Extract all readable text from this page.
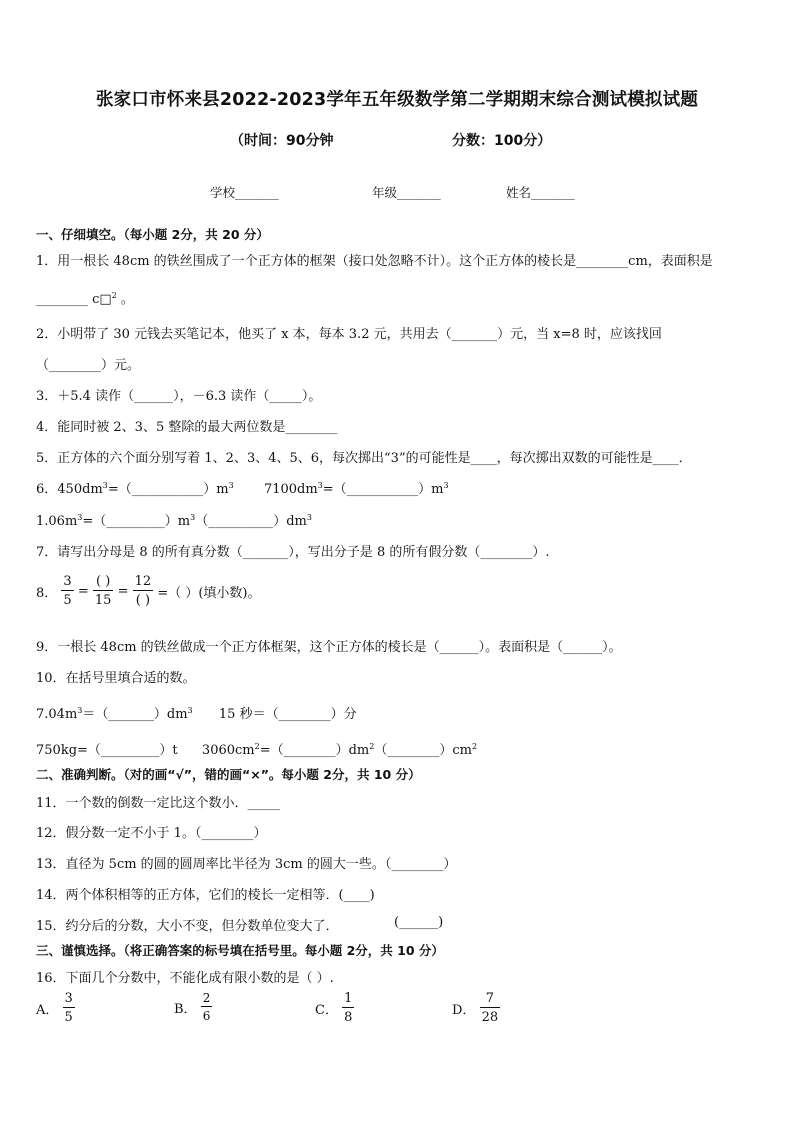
张家口市怀来县2022-2023学年五年级数学第二学期期末综合测试模拟试题
（时间：90分钟	分数：100分）
学校_______	年级_______	姓名_______
一、仔细填空。（每小题 2分，共 20 分）
1．用一根长 48cm 的铁丝围成了一个正方体的框架（接口处忽略不计）。这个正方体的棱长是________cm，表面积是
________ c□$^2$ 。
2．小明带了 30 元钱去买笔记本，他买了 x 本，每本 3.2 元，共用去（_______）元，当 x=8 时，应该找回
（________）元。
3．＋5.4 读作（______），－6.3 读作（_____）。
4．能同时被 2、3、5 整除的最大两位数是________
5．正方体的六个面分别写着 1、2、3、4、5、6，每次掷出“3”的可能性是____，每次掷出双数的可能性是____．
6．$450dm^3=(\_\_\_\_\_\_\_\_\_\_\_)m^3$ $7100dm^3=(\_\_\_\_\_\_\_\_\_\_\_)m^3$
$1.06m^3=(\_\_\_\_\_\_\_\_\_)m^3(\_\_\_\_\_\_\_\_\_\_)dm^3$
7．请写出分母是 8 的所有真分数（_______），写出分子是 8 的所有假分数（________）.
8． $\frac{3}{5} = \frac{( )}{15} = \frac{12}{( )}$ =（ ）(填小数)。
9．一根长 48cm 的铁丝做成一个正方体框架，这个正方体的棱长是（______）。表面积是（______）。
10．在括号里填合适的数。
$7.04m^3=(\_\_\_\_\_\_\_)dm^3$ 15 秒＝（________）分
750kg=（_________）t $3060cm^2=(\_\_\_\_\_\_\_\_)dm^2(\_\_\_\_\_\_\_\_)cm^2$
二、准确判断。（对的画“√”，错的画“×”。每小题 2分，共 10 分）
11．一个数的倒数一定比这个数小．_____
12．假分数一定不小于 1。（________）
13．直径为 5cm 的圆的圆周率比半径为 3cm 的圆大一些。（________）
14．两个体积相等的正方体，它们的棱长一定相等．(____)
15．约分后的分数，大小不变，但分数单位变大了．	(______)
三、谨慎选择。（将正确答案的标号填在括号里。每小题 2分，共 10 分）
16．下面几个分数中，不能化成有限小数的是（ ）.
A． $\frac{3}{5}$	B． $\frac{2}{6}$	C． $\frac{1}{8}$	D． $\frac{7}{28}$
